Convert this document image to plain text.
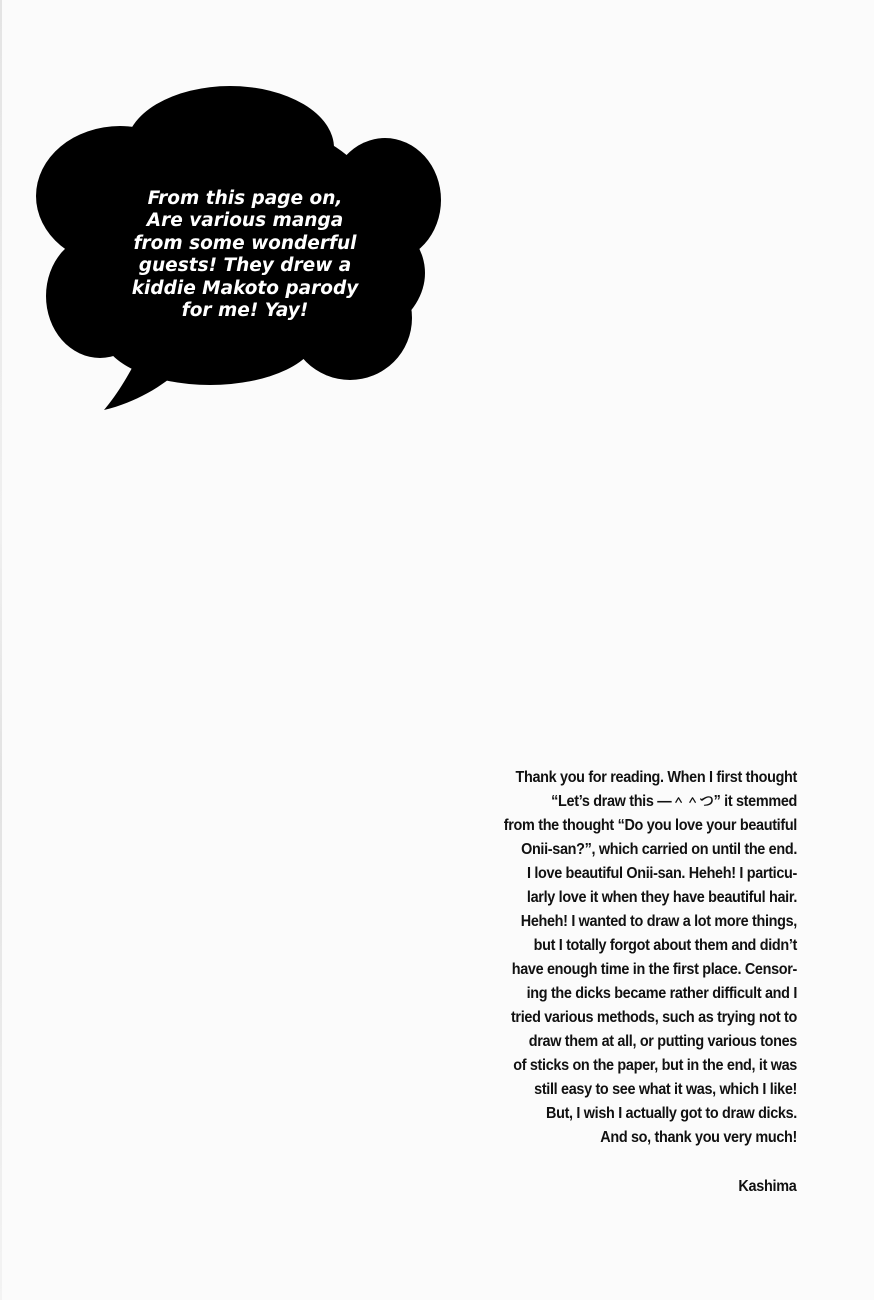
From this page on,
Are various manga
from some wonderful
guests! They drew a
kiddie Makoto parody
for me! Yay!

Thank you for reading. When I first thought
“Let’s draw this ―＾＾つ” it stemmed
from the thought “Do you love your beautiful
Onii-san?”, which carried on until the end.
I love beautiful Onii-san. Heheh! I particu-
larly love it when they have beautiful hair.
Heheh! I wanted to draw a lot more things,
but I totally forgot about them and didn’t
have enough time in the first place. Censor-
ing the dicks became rather difficult and I
tried various methods, such as trying not to
draw them at all, or putting various tones
of sticks on the paper, but in the end, it was
still easy to see what it was, which I like!
But, I wish I actually got to draw dicks.
And so, thank you very much!

Kashima
